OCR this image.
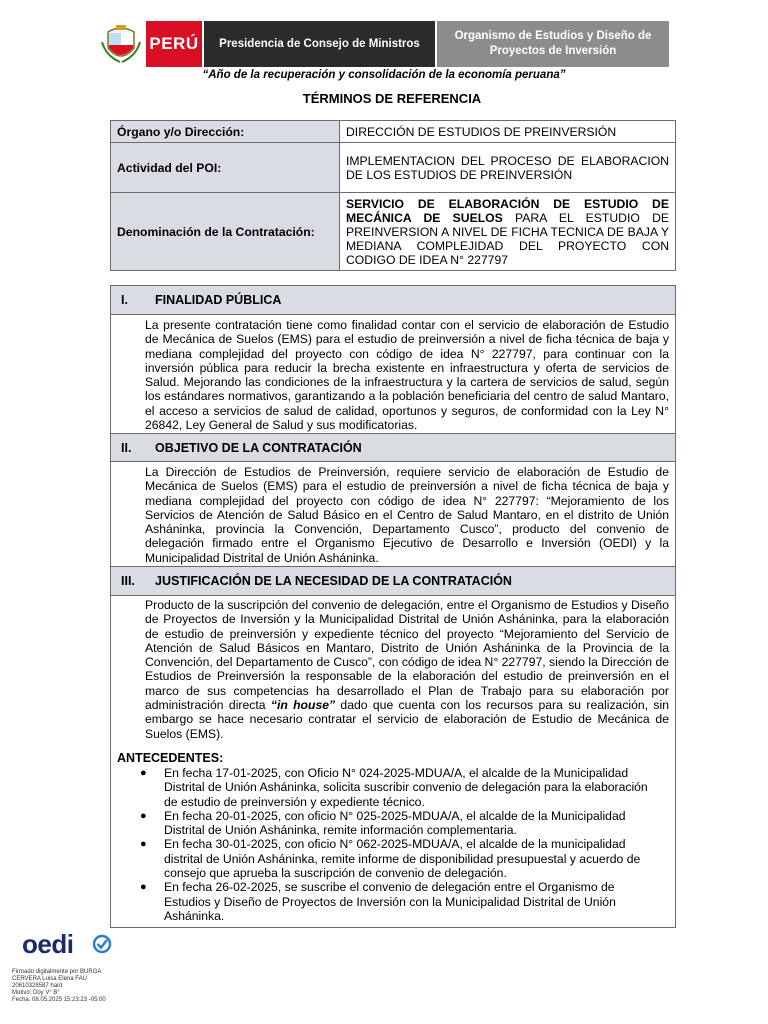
PERÚ Presidencia de Consejo de Ministros
Organismo de Estudios y Diseño de
Proyectos de Inversión
“Año de la recuperación y consolidación de la economía peruana”
TÉRMINOS DE REFERENCIA
Órgano y/o Dirección:	DIRECCIÓN DE ESTUDIOS DE PREINVERSIÓN
Actividad del POI:	IMPLEMENTACION DEL PROCESO DE ELABORACION DE LOS ESTUDIOS DE PREINVERSIÓN
Denominación de la Contratación:	SERVICIO DE ELABORACIÓN DE ESTUDIO DE MECÁNICA DE SUELOS PARA EL ESTUDIO DE PREINVERSION A NIVEL DE FICHA TECNICA DE BAJA Y MEDIANA COMPLEJIDAD DEL PROYECTO CON CODIGO DE IDEA N° 227797
I.	FINALIDAD PÚBLICA
La presente contratación tiene como finalidad contar con el servicio de elaboración de Estudio de Mecánica de Suelos (EMS) para el estudio de preinversión a nivel de ficha técnica de baja y mediana complejidad del proyecto con código de idea N° 227797, para continuar con la inversión pública para reducir la brecha existente en infraestructura y oferta de servicios de Salud. Mejorando las condiciones de la infraestructura y la cartera de servicios de salud, según los estándares normativos, garantizando a la población beneficiaria del centro de salud Mantaro, el acceso a servicios de salud de calidad, oportunos y seguros, de conformidad con la Ley N° 26842, Ley General de Salud y sus modificatorias.
II.	OBJETIVO DE LA CONTRATACIÓN
La Dirección de Estudios de Preinversión, requiere servicio de elaboración de Estudio de Mecánica de Suelos (EMS) para el estudio de preinversión a nivel de ficha técnica de baja y mediana complejidad del proyecto con código de idea N° 227797: “Mejoramiento de los Servicios de Atención de Salud Básico en el Centro de Salud Mantaro, en el distrito de Unión Asháninka, provincia la Convención, Departamento Cusco”, producto del convenio de delegación firmado entre el Organismo Ejecutivo de Desarrollo e Inversión (OEDI) y la Municipalidad Distrital de Unión Asháninka.
III.	JUSTIFICACIÓN DE LA NECESIDAD DE LA CONTRATACIÓN
Producto de la suscripción del convenio de delegación, entre el Organismo de Estudios y Diseño de Proyectos de Inversión y la Municipalidad Distrital de Unión Asháninka, para la elaboración de estudio de preinversión y expediente técnico del proyecto “Mejoramiento del Servicio de Atención de Salud Básicos en Mantaro, Distrito de Unión Asháninka de la Provincia de la Convención, del Departamento de Cusco”, con código de idea N° 227797, siendo la Dirección de Estudios de Preinversión la responsable de la elaboración del estudio de preinversión en el marco de sus competencias ha desarrollado el Plan de Trabajo para su elaboración por administración directa “in house” dado que cuenta con los recursos para su realización, sin embargo se hace necesario contratar el servicio de elaboración de Estudio de Mecánica de Suelos (EMS).
ANTECEDENTES:
●	En fecha 17-01-2025, con Oficio N° 024-2025-MDUA/A, el alcalde de la Municipalidad Distrital de Unión Asháninka, solicita suscribir convenio de delegación para la elaboración de estudio de preinversión y expediente técnico.
●	En fecha 20-01-2025, con oficio N° 025-2025-MDUA/A, el alcalde de la Municipalidad Distrital de Unión Asháninka, remite información complementaria.
●	En fecha 30-01-2025, con oficio N° 062-2025-MDUA/A, el alcalde de la municipalidad distrital de Unión Asháninka, remite informe de disponibilidad presupuestal y acuerdo de consejo que aprueba la suscripción de convenio de delegación.
●	En fecha 26-02-2025, se suscribe el convenio de delegación entre el Organismo de Estudios y Diseño de Proyectos de Inversión con la Municipalidad Distrital de Unión Asháninka.
oedi
Firmado digitalmente por BURGA
CERVERA Luisa Elena FAU
20610328587 hard
Motivo: Doy V° B°
Fecha: 08.05.2025 15:23:23 -05:00
